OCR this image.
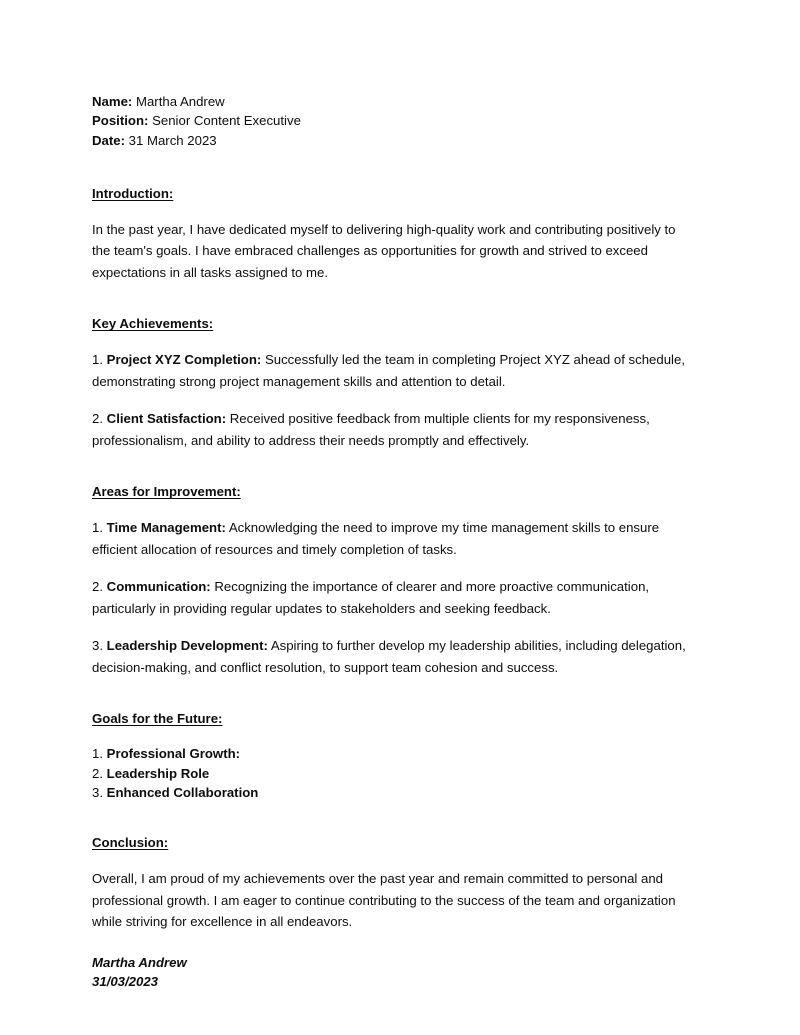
Name: Martha Andrew
Position: Senior Content Executive
Date: 31 March 2023
Introduction:

In the past year, I have dedicated myself to delivering high-quality work and contributing positively to the team's goals. I have embraced challenges as opportunities for growth and strived to exceed expectations in all tasks assigned to me.

Key Achievements:

1. Project XYZ Completion: Successfully led the team in completing Project XYZ ahead of schedule, demonstrating strong project management skills and attention to detail.

2. Client Satisfaction: Received positive feedback from multiple clients for my responsiveness, professionalism, and ability to address their needs promptly and effectively.

Areas for Improvement:

1. Time Management: Acknowledging the need to improve my time management skills to ensure efficient allocation of resources and timely completion of tasks.

2. Communication: Recognizing the importance of clearer and more proactive communication, particularly in providing regular updates to stakeholders and seeking feedback.

3. Leadership Development: Aspiring to further develop my leadership abilities, including delegation, decision-making, and conflict resolution, to support team cohesion and success.

Goals for the Future:
1. Professional Growth:
2. Leadership Role
3. Enhanced Collaboration
Conclusion:

Overall, I am proud of my achievements over the past year and remain committed to personal and professional growth. I am eager to continue contributing to the success of the team and organization while striving for excellence in all endeavors.

Martha Andrew
31/03/2023
